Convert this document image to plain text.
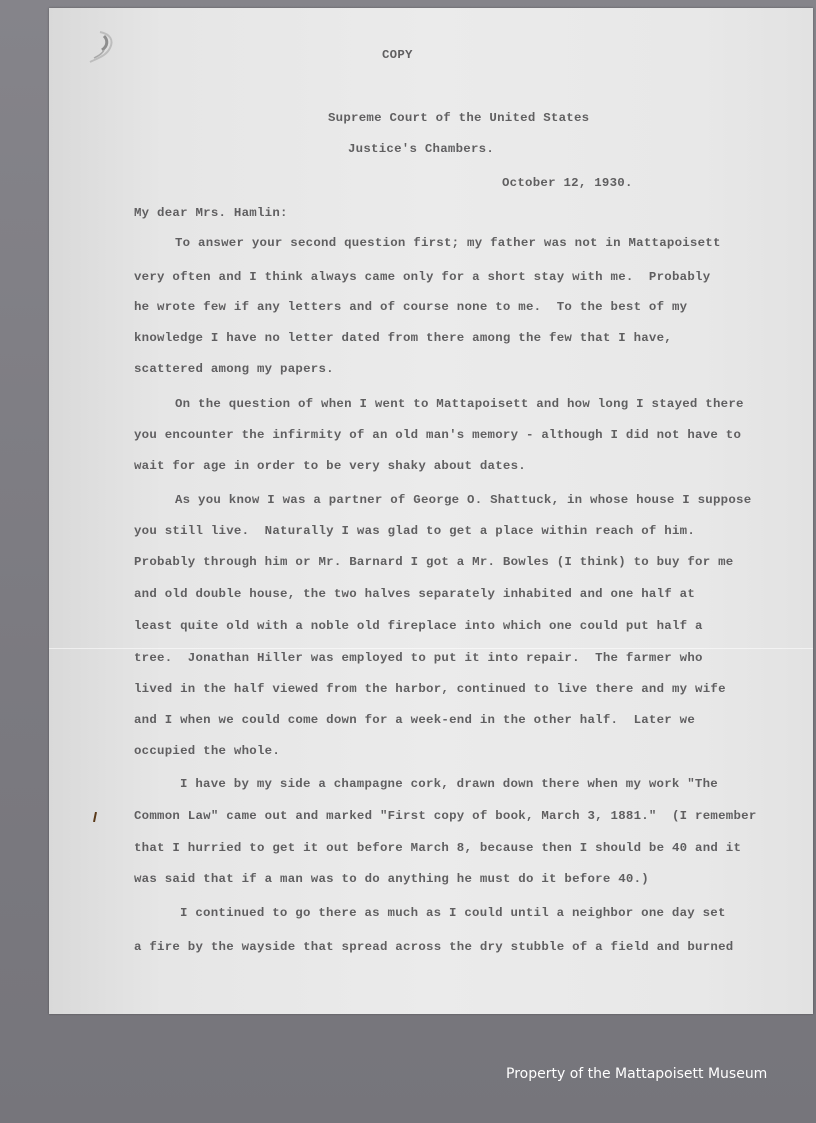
COPY
Supreme Court of the United States
Justice's Chambers.
October 12, 1930.
My dear Mrs. Hamlin:
To answer your second question first; my father was not in Mattapoisett
very often and I think always came only for a short stay with me.  Probably
he wrote few if any letters and of course none to me.  To the best of my
knowledge I have no letter dated from there among the few that I have,
scattered among my papers.
On the question of when I went to Mattapoisett and how long I stayed there
you encounter the infirmity of an old man's memory - although I did not have to
wait for age in order to be very shaky about dates.
As you know I was a partner of George O. Shattuck, in whose house I suppose
you still live.  Naturally I was glad to get a place within reach of him.
Probably through him or Mr. Barnard I got a Mr. Bowles (I think) to buy for me
and old double house, the two halves separately inhabited and one half at
least quite old with a noble old fireplace into which one could put half a
tree.  Jonathan Hiller was employed to put it into repair.  The farmer who
lived in the half viewed from the harbor, continued to live there and my wife
and I when we could come down for a week-end in the other half.  Later we
occupied the whole.
I have by my side a champagne cork, drawn down there when my work "The
Common Law" came out and marked "First copy of book, March 3, 1881."  (I remember
that I hurried to get it out before March 8, because then I should be 40 and it
was said that if a man was to do anything he must do it before 40.)
I continued to go there as much as I could until a neighbor one day set
a fire by the wayside that spread across the dry stubble of a field and burned
Property of the Mattapoisett Museum
